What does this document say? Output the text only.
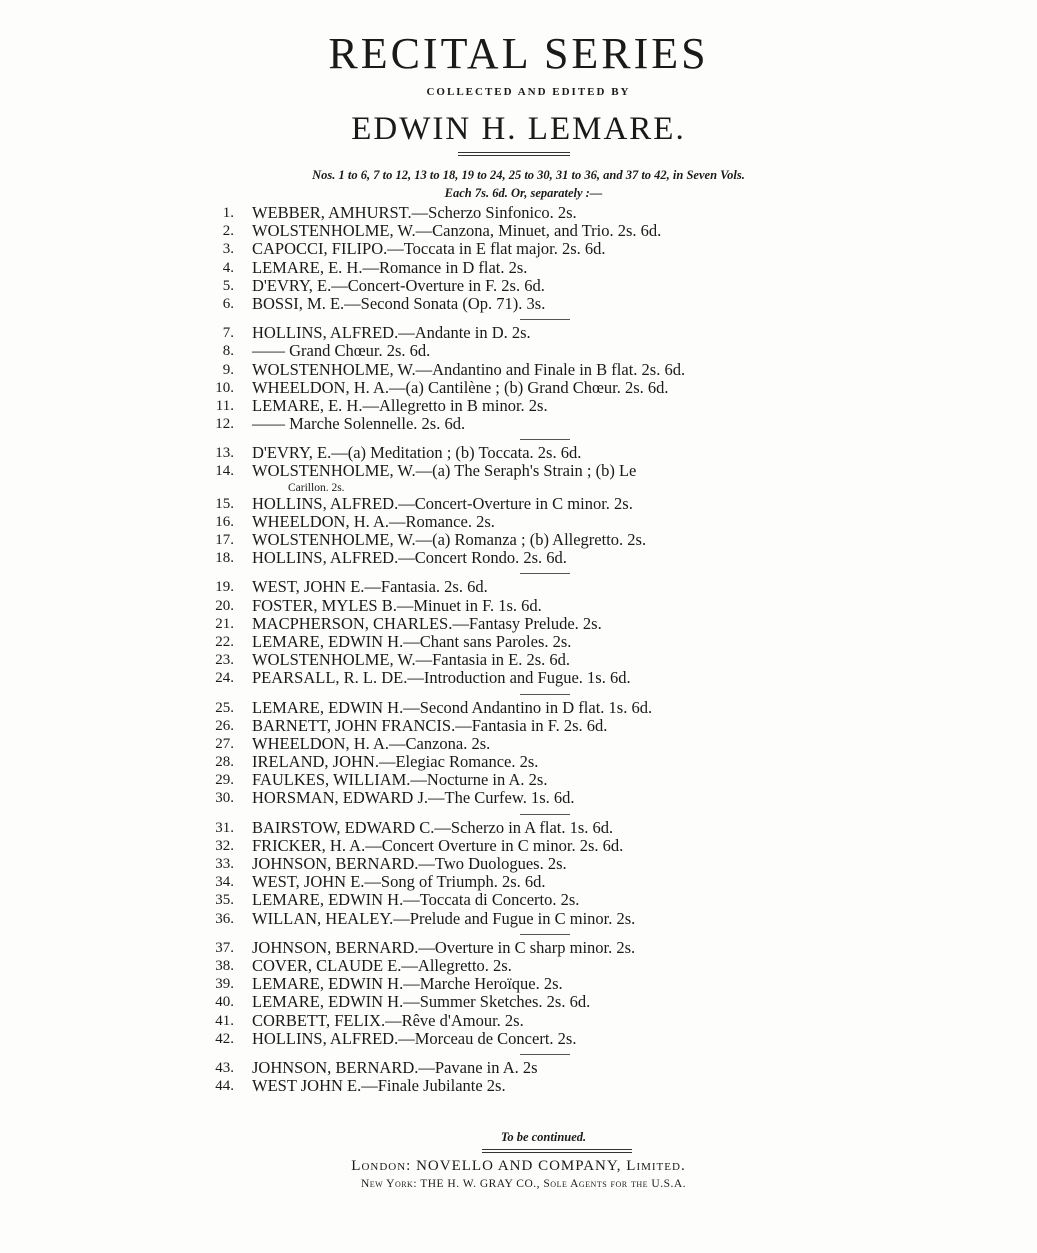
RECITAL SERIES
COLLECTED AND EDITED BY
EDWIN H. LEMARE.
Nos. 1 to 6, 7 to 12, 13 to 18, 19 to 24, 25 to 30, 31 to 36, and 37 to 42, in Seven Vols.
Each 7s. 6d. Or, separately :—
1. WEBBER, AMHURST.—Scherzo Sinfonico. 2s.
2. WOLSTENHOLME, W.—Canzona, Minuet, and Trio. 2s. 6d.
3. CAPOCCI, FILIPO.—Toccata in E flat major. 2s. 6d.
4. LEMARE, E. H.—Romance in D flat. 2s.
5. D'EVRY, E.—Concert-Overture in F. 2s. 6d.
6. BOSSI, M. E.—Second Sonata (Op. 71). 3s.
7. HOLLINS, ALFRED.—Andante in D. 2s.
8. —— Grand Chœur. 2s. 6d.
9. WOLSTENHOLME, W.—Andantino and Finale in B flat. 2s. 6d.
10. WHEELDON, H. A.—(a) Cantilène ; (b) Grand Chœur. 2s. 6d.
11. LEMARE, E. H.—Allegretto in B minor. 2s.
12. —— Marche Solennelle. 2s. 6d.
13. D'EVRY, E.—(a) Meditation ; (b) Toccata. 2s. 6d.
14. WOLSTENHOLME, W.—(a) The Seraph's Strain ; (b) Le
Carillon. 2s.
15. HOLLINS, ALFRED.—Concert-Overture in C minor. 2s.
16. WHEELDON, H. A.—Romance. 2s.
17. WOLSTENHOLME, W.—(a) Romanza ; (b) Allegretto. 2s.
18. HOLLINS, ALFRED.—Concert Rondo. 2s. 6d.
19. WEST, JOHN E.—Fantasia. 2s. 6d.
20. FOSTER, MYLES B.—Minuet in F. 1s. 6d.
21. MACPHERSON, CHARLES.—Fantasy Prelude. 2s.
22. LEMARE, EDWIN H.—Chant sans Paroles. 2s.
23. WOLSTENHOLME, W.—Fantasia in E. 2s. 6d.
24. PEARSALL, R. L. DE.—Introduction and Fugue. 1s. 6d.
25. LEMARE, EDWIN H.—Second Andantino in D flat. 1s. 6d.
26. BARNETT, JOHN FRANCIS.—Fantasia in F. 2s. 6d.
27. WHEELDON, H. A.—Canzona. 2s.
28. IRELAND, JOHN.—Elegiac Romance. 2s.
29. FAULKES, WILLIAM.—Nocturne in A. 2s.
30. HORSMAN, EDWARD J.—The Curfew. 1s. 6d.
31. BAIRSTOW, EDWARD C.—Scherzo in A flat. 1s. 6d.
32. FRICKER, H. A.—Concert Overture in C minor. 2s. 6d.
33. JOHNSON, BERNARD.—Two Duologues. 2s.
34. WEST, JOHN E.—Song of Triumph. 2s. 6d.
35. LEMARE, EDWIN H.—Toccata di Concerto. 2s.
36. WILLAN, HEALEY.—Prelude and Fugue in C minor. 2s.
37. JOHNSON, BERNARD.—Overture in C sharp minor. 2s.
38. COVER, CLAUDE E.—Allegretto. 2s.
39. LEMARE, EDWIN H.—Marche Heroïque. 2s.
40. LEMARE, EDWIN H.—Summer Sketches. 2s. 6d.
41. CORBETT, FELIX.—Rêve d'Amour. 2s.
42. HOLLINS, ALFRED.—Morceau de Concert. 2s.
43. JOHNSON, BERNARD.—Pavane in A. 2s
44. WEST JOHN E.—Finale Jubilante 2s.
To be continued.
London: NOVELLO AND COMPANY, Limited.
New York: THE H. W. GRAY CO., Sole Agents for the U.S.A.
